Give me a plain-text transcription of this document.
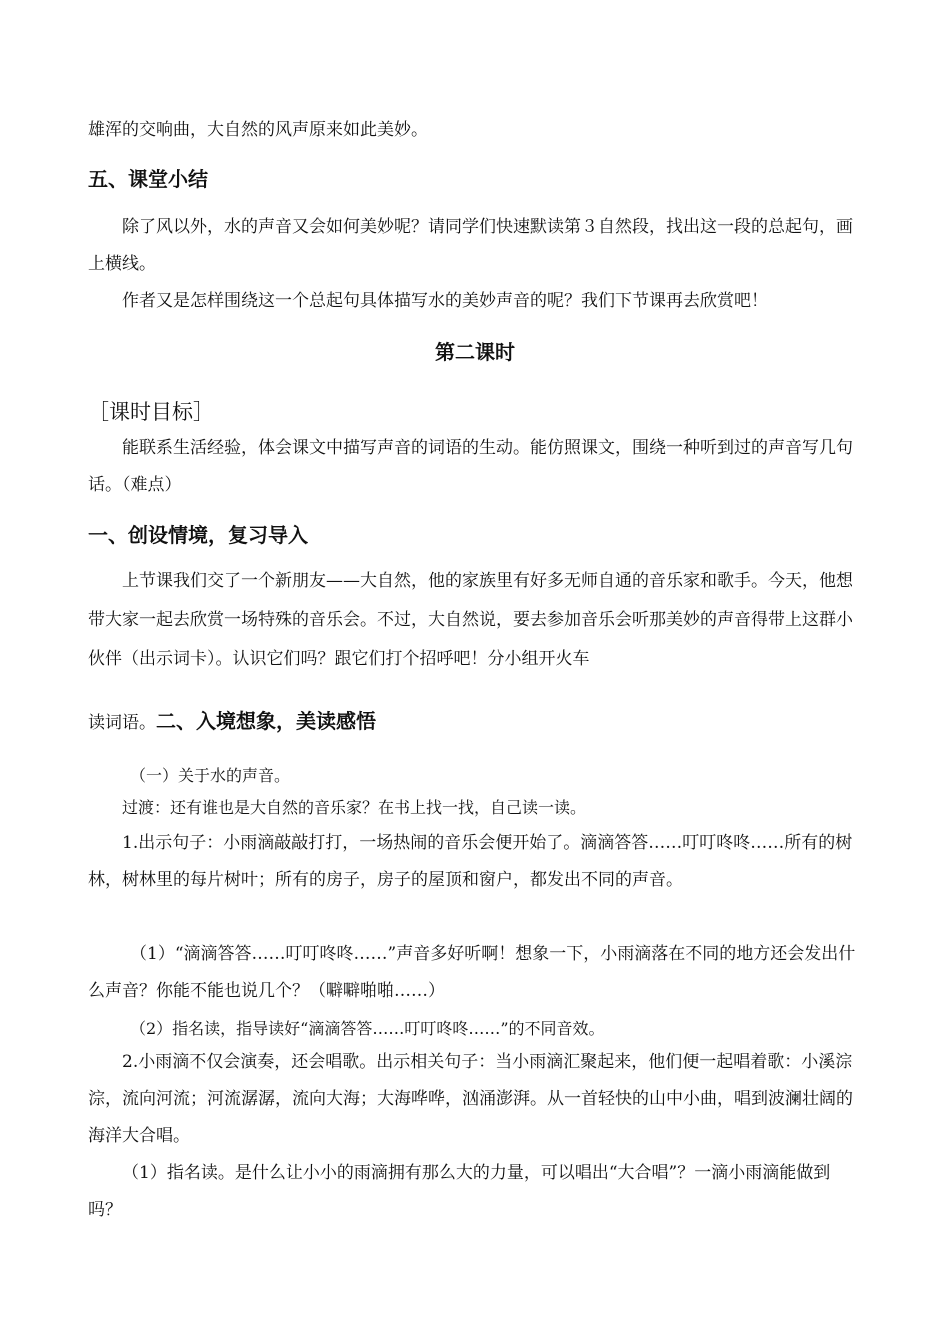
雄浑的交响曲，大自然的风声原来如此美妙。

五、课堂小结

除了风以外，水的声音又会如何美妙呢？请同学们快速默读第３自然段，找出这一段的总起句，画上横线。

作者又是怎样围绕这一个总起句具体描写水的美妙声音的呢？我们下节课再去欣赏吧！

第二课时
［课时目标］

能联系生活经验，体会课文中描写声音的词语的生动。能仿照课文，围绕一种听到过的声音写几句话。（难点）

一、创设情境，复习导入

上节课我们交了一个新朋友——大自然，他的家族里有好多无师自通的音乐家和歌手。今天，他想带大家一起去欣赏一场特殊的音乐会。不过，大自然说，要去参加音乐会听那美妙的声音得带上这群小伙伴（出示词卡）。认识它们吗？跟它们打个招呼吧！分小组开火车

读词语。二、入境想象，美读感悟

（一）关于水的声音。

过渡：还有谁也是大自然的音乐家？在书上找一找，自己读一读。

1.出示句子：小雨滴敲敲打打，一场热闹的音乐会便开始了。滴滴答答……叮叮咚咚……所有的树林，树林里的每片树叶；所有的房子，房子的屋顶和窗户，都发出不同的声音。

（1）“滴滴答答……叮叮咚咚……”声音多好听啊！想象一下，小雨滴落在不同的地方还会发出什么声音？你能不能也说几个？（噼噼啪啪……）

（2）指名读，指导读好“滴滴答答……叮叮咚咚……”的不同音效。

2.小雨滴不仅会演奏，还会唱歌。出示相关句子：当小雨滴汇聚起来，他们便一起唱着歌：小溪淙淙，流向河流；河流潺潺，流向大海；大海哗哗，汹涌澎湃。从一首轻快的山中小曲，唱到波澜壮阔的海洋大合唱。

（1）指名读。是什么让小小的雨滴拥有那么大的力量，可以唱出“大合唱”？一滴小雨滴能做到吗？
